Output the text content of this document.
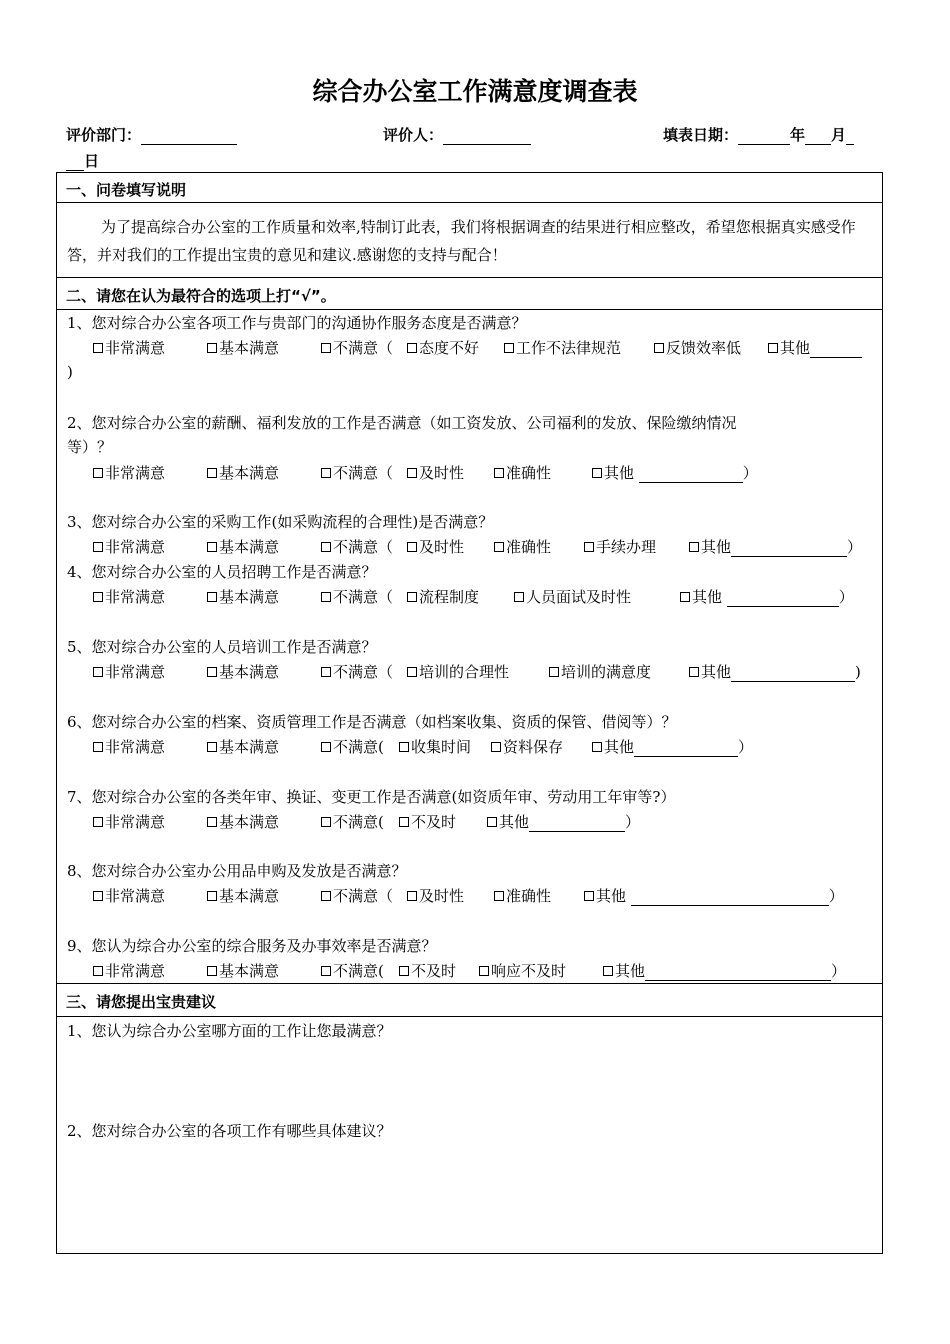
综合办公室工作满意度调查表
评价部门：	评价人：	填表日期：	年 月
日
一、问卷填写说明
为了提高综合办公室的工作质量和效率,特制订此表，我们将根据调查的结果进行相应整改，希望您根据真实感受作答，并对我们的工作提出宝贵的意见和建议.感谢您的支持与配合！
二、请您在认为最符合的选项上打“√”。
1、您对综合办公室各项工作与贵部门的沟通协作服务态度是否满意？
非常满意	基本满意	不满意（	态度不好	工作不法律规范	反馈效率低	其他
)
2、您对综合办公室的薪酬、福利发放的工作是否满意（如工资发放、公司福利的发放、保险缴纳情况
等）？
非常满意	基本满意	不满意（	及时性	准确性	其他	）
3、您对综合办公室的采购工作(如采购流程的合理性)是否满意？
非常满意	基本满意	不满意（	及时性	准确性	手续办理	其他	）
4、您对综合办公室的人员招聘工作是否满意？
非常满意	基本满意	不满意（	流程制度	人员面试及时性	其他	）
5、您对综合办公室的人员培训工作是否满意？
非常满意	基本满意	不满意（	培训的合理性	培训的满意度	其他	)
6、您对综合办公室的档案、资质管理工作是否满意（如档案收集、资质的保管、借阅等）？
非常满意	基本满意	不满意(	收集时间	资料保存	其他	）
7、您对综合办公室的各类年审、换证、变更工作是否满意(如资质年审、劳动用工年审等?）
非常满意	基本满意	不满意(	不及时	其他	）
8、您对综合办公室办公用品申购及发放是否满意？
非常满意	基本满意	不满意（	及时性	准确性	其他	）
9、您认为综合办公室的综合服务及办事效率是否满意？
非常满意	基本满意	不满意(	不及时	响应不及时	其他	）
三、请您提出宝贵建议
1、您认为综合办公室哪方面的工作让您最满意？
2、您对综合办公室的各项工作有哪些具体建议？
